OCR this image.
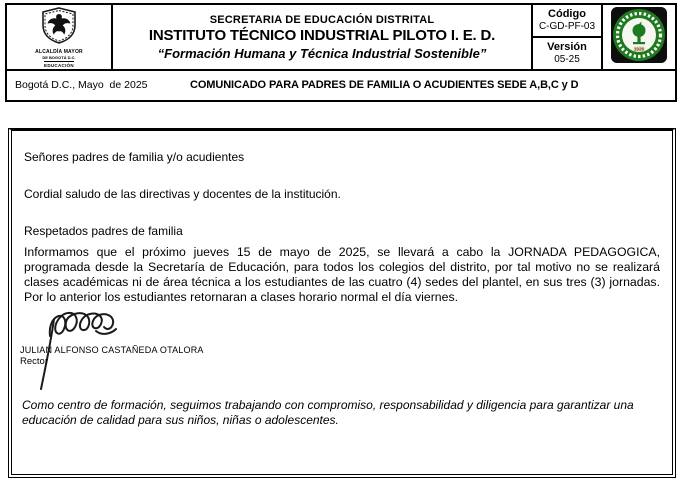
ALCALDÍA MAYOR
DE BOGOTÁ D.C.
EDUCACIÓN
SECRETARIA DE EDUCACIÓN DISTRITAL
INSTITUTO TÉCNICO INDUSTRIAL PILOTO I. E. D.
“Formación Humana y Técnica Industrial Sostenible”
Código
C-GD-PF-03
Versión
05-25
1926
Bogotá D.C., Mayo  de 2025	COMUNICADO PARA PADRES DE FAMILIA O ACUDIENTES SEDE A,B,C y D

Señores padres de familia y/o acudientes

Cordial saludo de las directivas y docentes de la institución.

Respetados padres de familia

Informamos que el próximo jueves 15 de mayo de 2025, se llevará a cabo la JORNADA PEDAGOGICA, programada desde la Secretaría de Educación, para todos los colegios del distrito, por tal motivo no se realizará clases académicas ni de área técnica a los estudiantes de las cuatro (4) sedes del plantel, en sus tres (3) jornadas. Por lo anterior los estudiantes retornaran a clases horario normal el día viernes.

JULIAN ALFONSO CASTAÑEDA OTALORA
Rector

Como centro de formación, seguimos trabajando con compromiso, responsabilidad y diligencia para garantizar una educación de calidad para sus niños, niñas o adolescentes.
